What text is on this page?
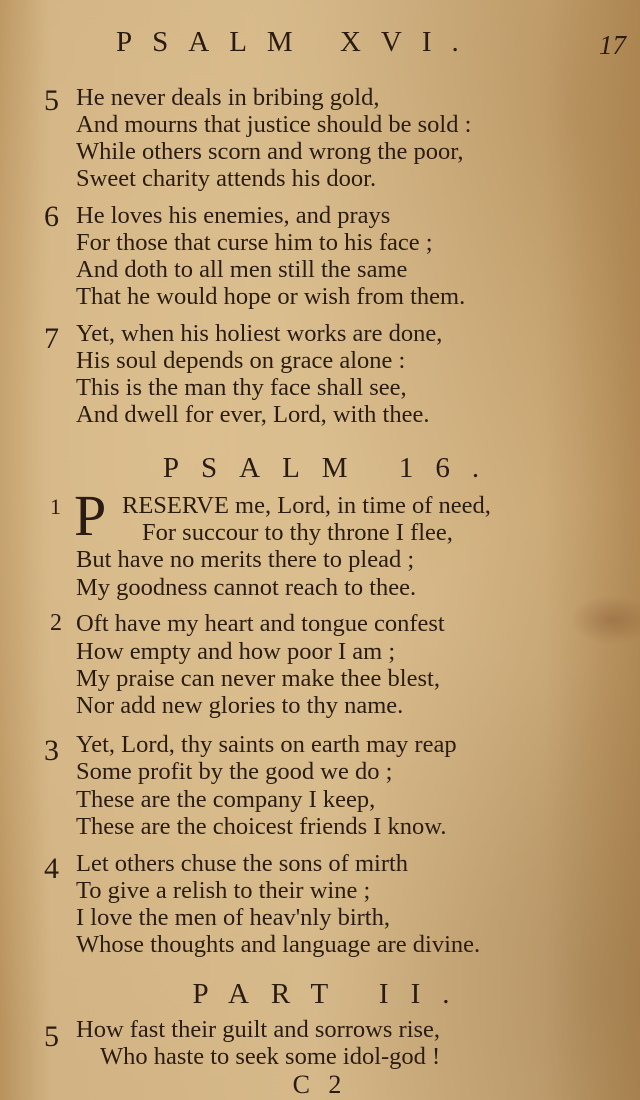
PSALM XVI.	17
5 He never deals in bribing gold,
And mourns that justice should be sold :
While others scorn and wrong the poor,
Sweet charity attends his door.
6 He loves his enemies, and prays
For those that curse him to his face ;
And doth to all men still the same
That he would hope or wish from them.
7 Yet, when his holiest works are done,
His soul depends on grace alone :
This is the man thy face shall see,
And dwell for ever, Lord, with thee.
PSALM 16.
1 P RESERVE me, Lord, in time of need,
For succour to thy throne I flee,
But have no merits there to plead ;
My goodness cannot reach to thee.
2 Oft have my heart and tongue confest
How empty and how poor I am ;
My praise can never make thee blest,
Nor add new glories to thy name.
3 Yet, Lord, thy saints on earth may reap
Some profit by the good we do ;
These are the company I keep,
These are the choicest friends I know.
4 Let others chuse the sons of mirth
To give a relish to their wine ;
I love the men of heav'nly birth,
Whose thoughts and language are divine.
PART II.
5 How fast their guilt and sorrows rise,
Who haste to seek some idol-god !
C 2
